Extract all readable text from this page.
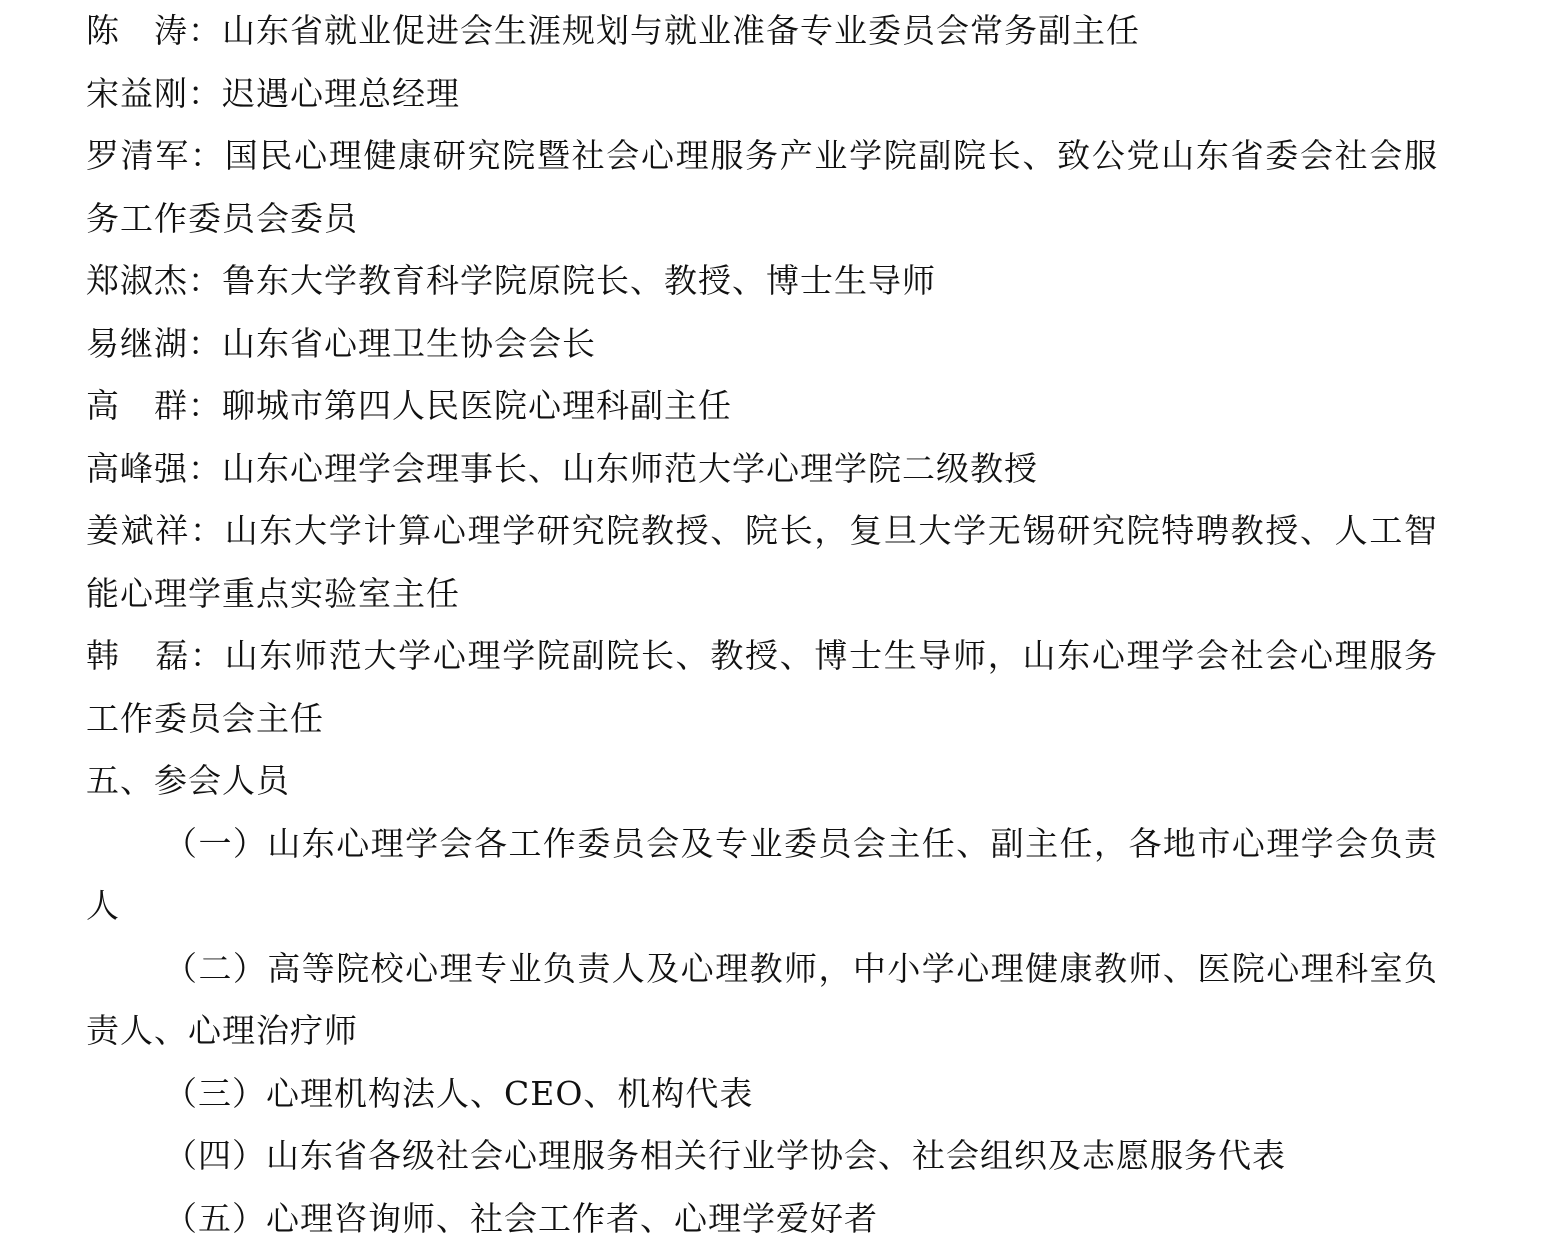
陈　涛：山东省就业促进会生涯规划与就业准备专业委员会常务副主任

宋益刚：迟遇心理总经理

罗清军：国民心理健康研究院暨社会心理服务产业学院副院长、致公党山东省委会社会服务工作委员会委员

郑淑杰：鲁东大学教育科学院原院长、教授、博士生导师

易继湖：山东省心理卫生协会会长

高　群：聊城市第四人民医院心理科副主任

高峰强：山东心理学会理事长、山东师范大学心理学院二级教授

姜斌祥：山东大学计算心理学研究院教授、院长，复旦大学无锡研究院特聘教授、人工智能心理学重点实验室主任

韩　磊：山东师范大学心理学院副院长、教授、博士生导师，山东心理学会社会心理服务工作委员会主任

五、参会人员

（一）山东心理学会各工作委员会及专业委员会主任、副主任，各地市心理学会负责人

（二）高等院校心理专业负责人及心理教师，中小学心理健康教师、医院心理科室负责人、心理治疗师

（三）心理机构法人、CEO、机构代表

（四）山东省各级社会心理服务相关行业学协会、社会组织及志愿服务代表

（五）心理咨询师、社会工作者、心理学爱好者
